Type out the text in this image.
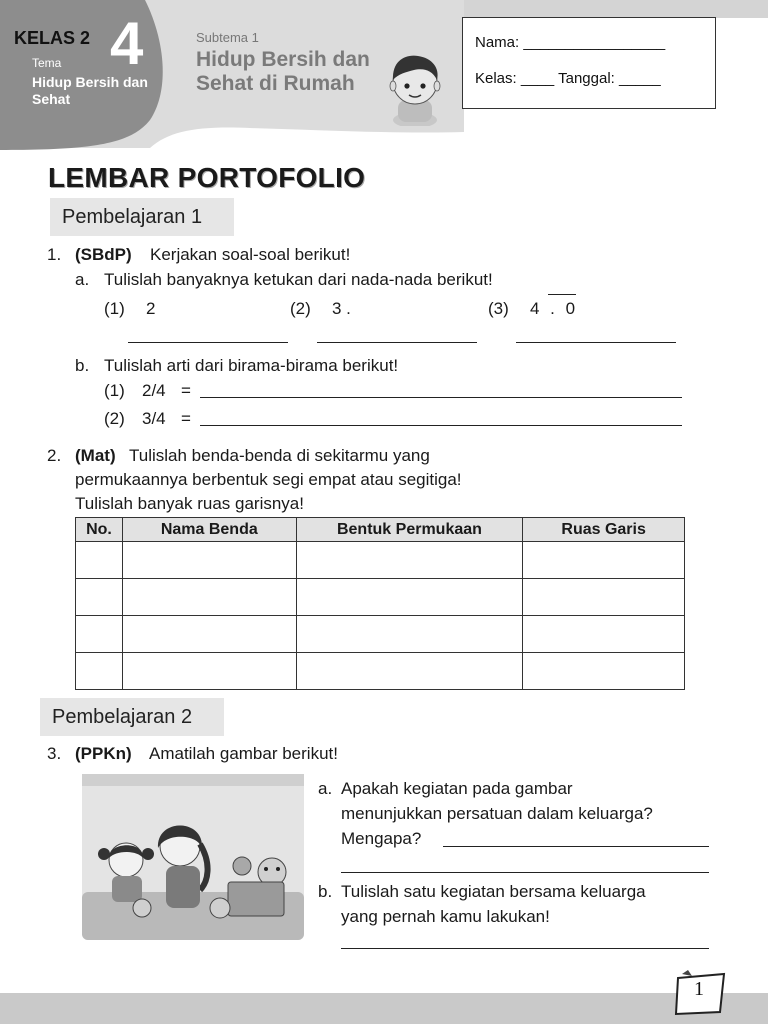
KELAS 2 4
Tema
Hidup Bersih dan Sehat
Subtema 1
Hidup Bersih dan Sehat di Rumah
Nama: _________________
Kelas: ____ Tanggal: _____
LEMBAR PORTOFOLIO
Pembelajaran 1
1. (SBdP) Kerjakan soal-soal berikut!
a. Tulislah banyaknya ketukan dari nada-nada berikut!
(1) 2	(2) 3 .	(3) 4 . 0
b. Tulislah arti dari birama-birama berikut!
(1) 2/4 =
(2) 3/4 =
2. (Mat) Tulislah benda-benda di sekitarmu yang
permukaannya berbentuk segi empat atau segitiga!
Tulislah banyak ruas garisnya!
No.	Nama Benda	Bentuk Permukaan	Ruas Garis

Pembelajaran 2
3. (PPKn) Amatilah gambar berikut!
a. Apakah kegiatan pada gambar
menunjukkan persatuan dalam keluarga?
Mengapa?
b. Tulislah satu kegiatan bersama keluarga
yang pernah kamu lakukan!
1
